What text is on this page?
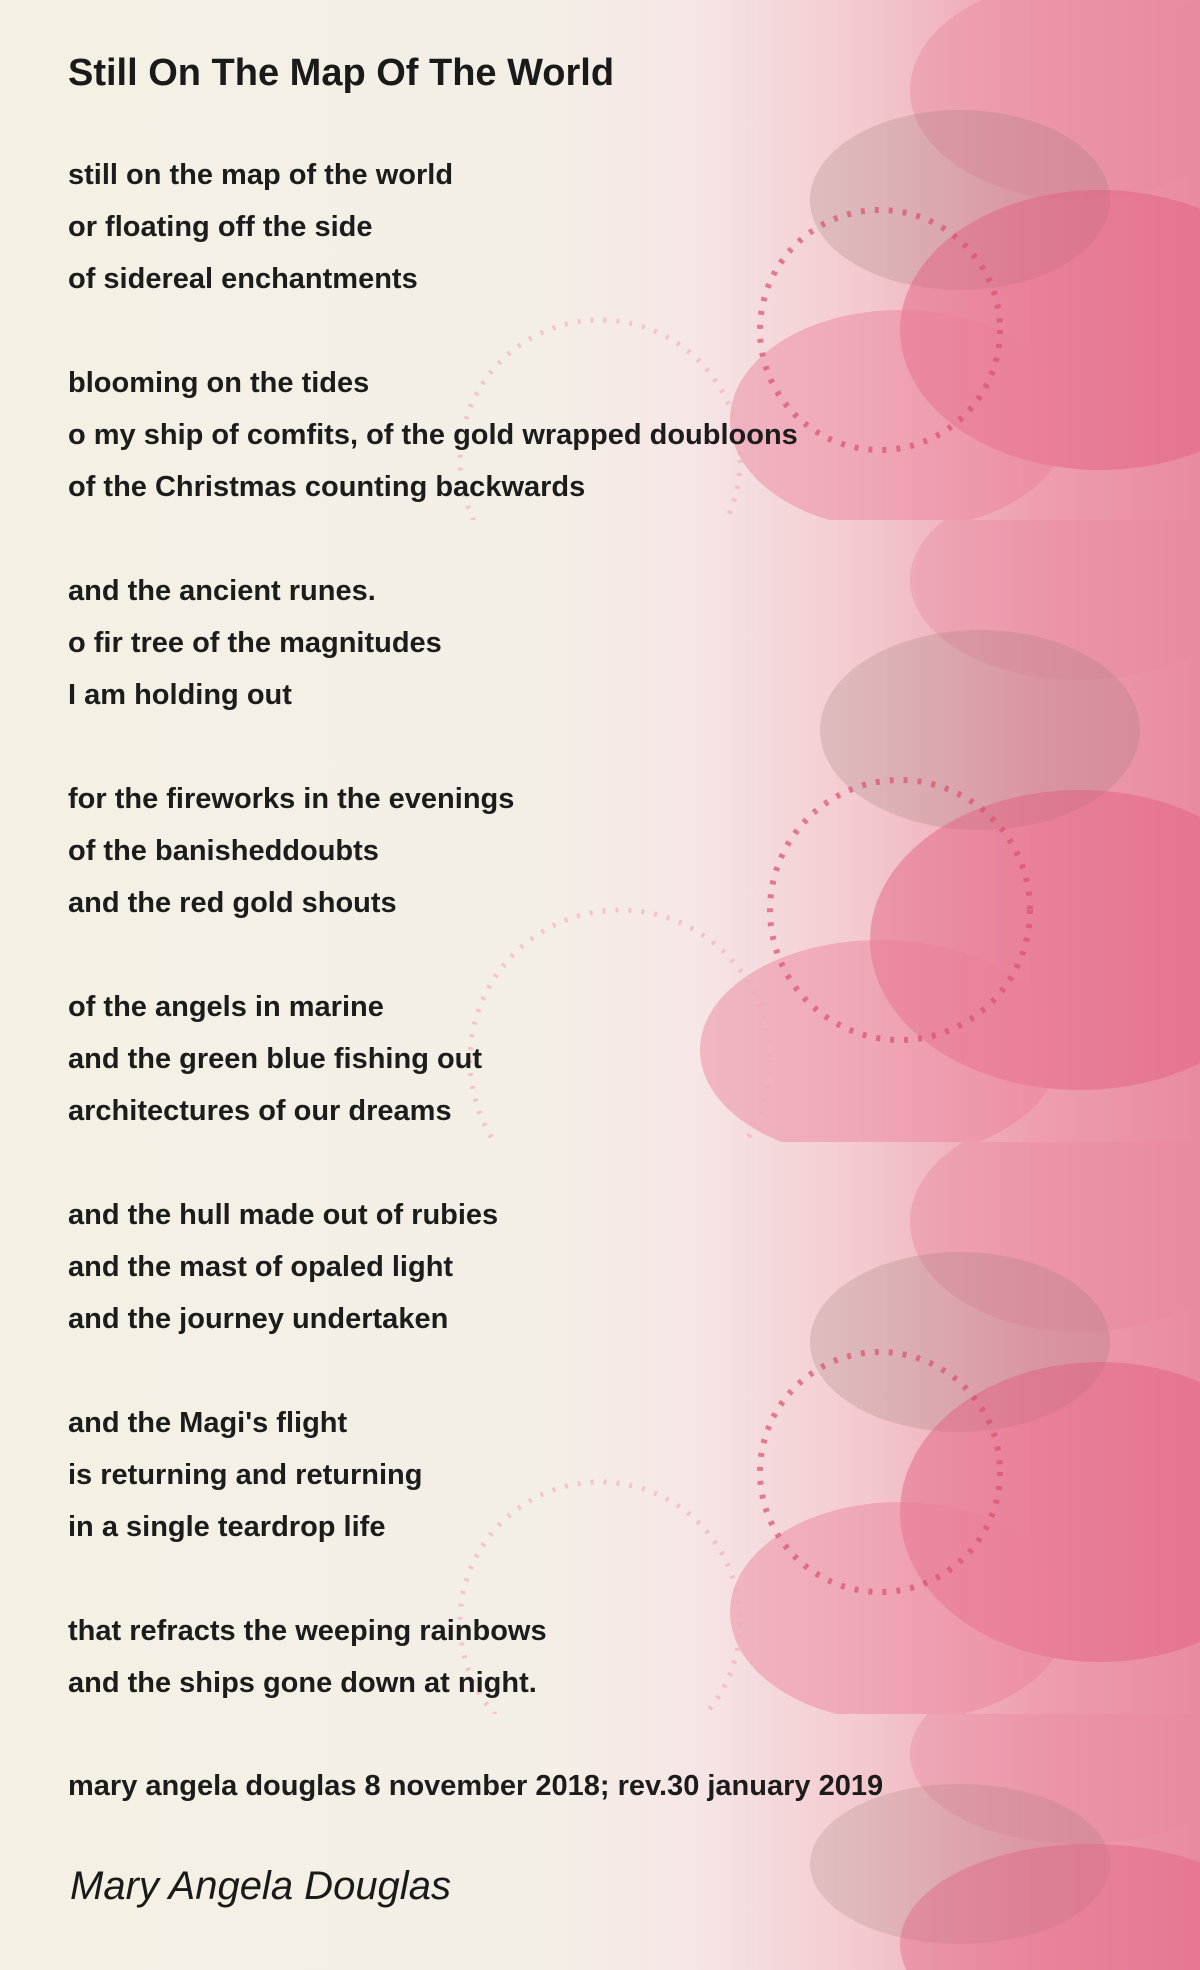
Still On The Map Of The World
still on the map of the world
or floating off the side
of sidereal enchantments
blooming on the tides
o my ship of comfits, of the gold wrapped doubloons
of the Christmas counting backwards
and the ancient runes.
o fir tree of the magnitudes
I am holding out
for the fireworks in the evenings
of the banisheddoubts
and the red gold shouts
of the angels in marine
and the green blue fishing out
architectures of our dreams
and the hull made out of rubies
and the mast of opaled light
and the journey undertaken
and the Magi's flight
is returning and returning
in a single teardrop life
that refracts the weeping rainbows
and the ships gone down at night.
mary angela douglas 8 november 2018; rev.30 january 2019
Mary Angela Douglas
